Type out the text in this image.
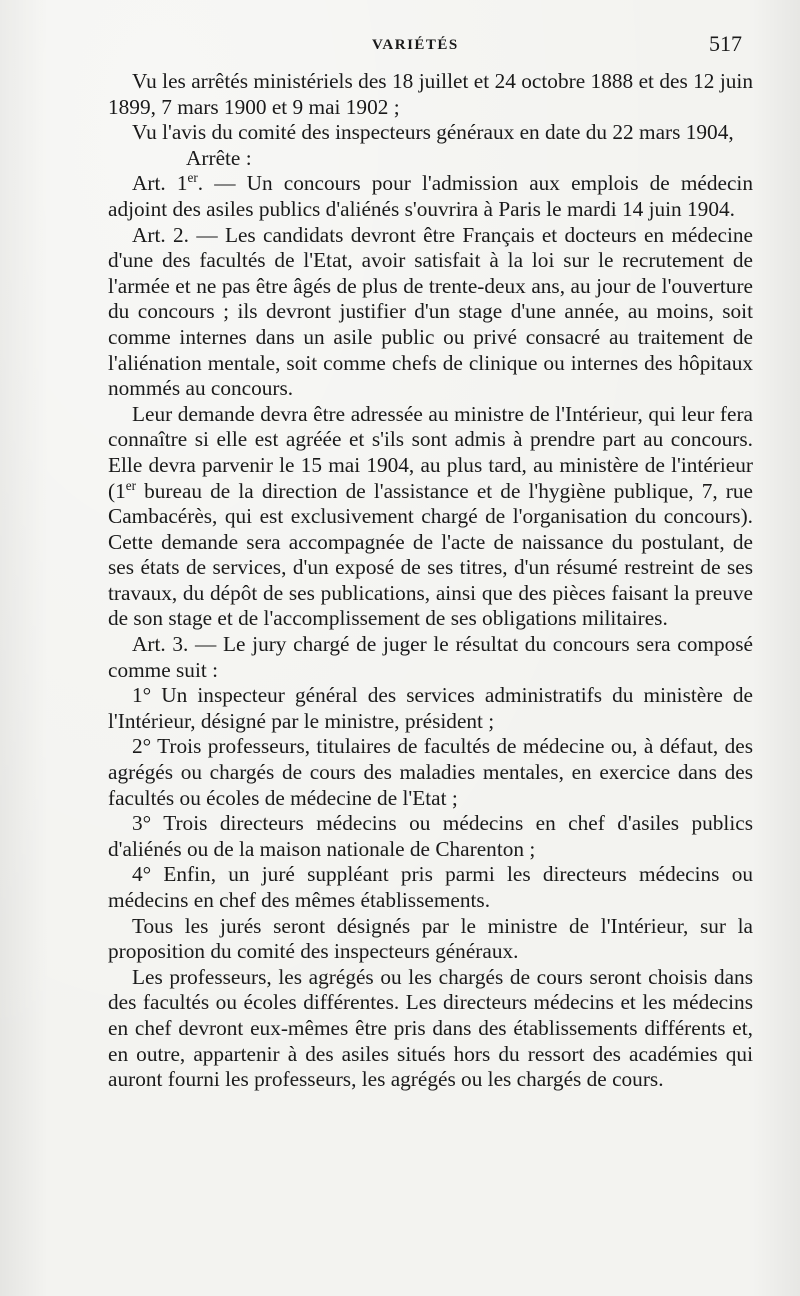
VARIÉTÉS	517

Vu les arrêtés ministériels des 18 juillet et 24 octobre 1888 et des 12 juin 1899, 7 mars 1900 et 9 mai 1902 ;

Vu l'avis du comité des inspecteurs généraux en date du 22 mars 1904,

Arrête :

Art. 1er. — Un concours pour l'admission aux emplois de médecin adjoint des asiles publics d'aliénés s'ouvrira à Paris le mardi 14 juin 1904.

Art. 2. — Les candidats devront être Français et docteurs en médecine d'une des facultés de l'Etat, avoir satisfait à la loi sur le recrutement de l'armée et ne pas être âgés de plus de trente-deux ans, au jour de l'ouverture du concours ; ils devront justifier d'un stage d'une année, au moins, soit comme internes dans un asile public ou privé consacré au traitement de l'aliénation mentale, soit comme chefs de clinique ou internes des hôpitaux nommés au concours.

Leur demande devra être adressée au ministre de l'Intérieur, qui leur fera connaître si elle est agréée et s'ils sont admis à prendre part au concours. Elle devra parvenir le 15 mai 1904, au plus tard, au ministère de l'intérieur (1er bureau de la direction de l'assistance et de l'hygiène publique, 7, rue Cambacérès, qui est exclusivement chargé de l'organisation du concours). Cette demande sera accompagnée de l'acte de naissance du postulant, de ses états de services, d'un exposé de ses titres, d'un résumé restreint de ses travaux, du dépôt de ses publications, ainsi que des pièces faisant la preuve de son stage et de l'accomplissement de ses obligations militaires.

Art. 3. — Le jury chargé de juger le résultat du concours sera composé comme suit :

1° Un inspecteur général des services administratifs du ministère de l'Intérieur, désigné par le ministre, président ;

2° Trois professeurs, titulaires de facultés de médecine ou, à défaut, des agrégés ou chargés de cours des maladies mentales, en exercice dans des facultés ou écoles de médecine de l'Etat ;

3° Trois directeurs médecins ou médecins en chef d'asiles publics d'aliénés ou de la maison nationale de Charenton ;

4° Enfin, un juré suppléant pris parmi les directeurs médecins ou médecins en chef des mêmes établissements.

Tous les jurés seront désignés par le ministre de l'Intérieur, sur la proposition du comité des inspecteurs généraux.

Les professeurs, les agrégés ou les chargés de cours seront choisis dans des facultés ou écoles différentes. Les directeurs médecins et les médecins en chef devront eux-mêmes être pris dans des établissements différents et, en outre, appartenir à des asiles situés hors du ressort des académies qui auront fourni les professeurs, les agrégés ou les chargés de cours.
